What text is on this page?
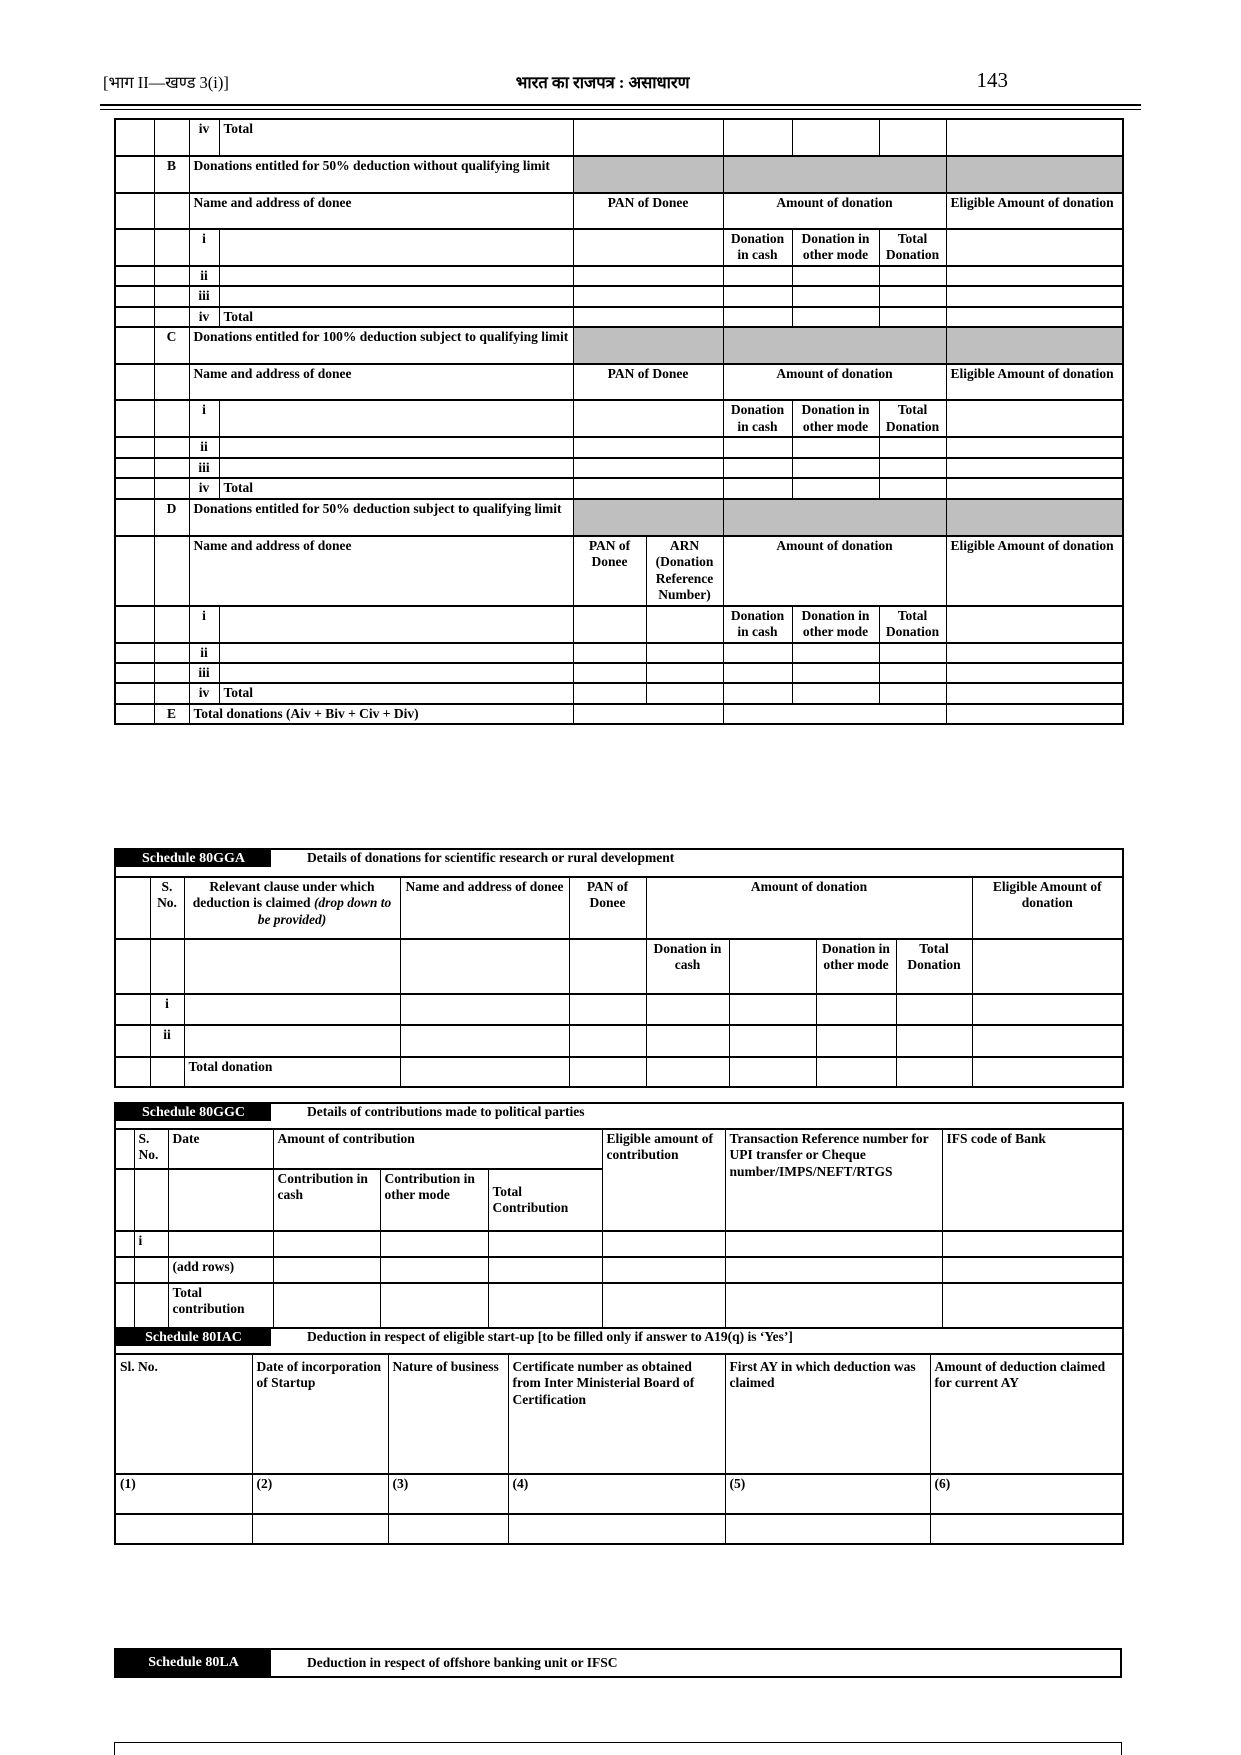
[भाग II—खण्ड 3(i)]	भारत का राजपत्र : असाधारण	143
		iv	Total						
	B	Donations entitled for 50% deduction without qualifying limit							
		Name and address of donee		PAN of Donee		Amount of donation			Eligible Amount of donation
		i				Donation in cash	Donation in other mode	Total Donation	
		ii							
		iii							
		iv	Total						
	C	Donations entitled for 100% deduction subject to qualifying limit							
		Name and address of donee		PAN of Donee		Amount of donation			Eligible Amount of donation
		i				Donation in cash	Donation in other mode	Total Donation	
		ii							
		iii							
		iv	Total						
	D	Donations entitled for 50% deduction subject to qualifying limit							
		Name and address of donee		PAN of Donee	ARN (Donation Reference Number)	Amount of donation			Eligible Amount of donation
		i				Donation in cash	Donation in other mode	Total Donation	
		ii							
		iii							
		iv	Total						
	E	Total donations (Aiv + Biv + Civ + Div)							
Schedule 80GGA Details of donations for scientific research or rural development									

	S. No.	Relevant clause under which deduction is claimed (drop down to be provided)	Name and address of donee	PAN of Donee	Amount of donation				Eligible Amount of donation
					Donation in cash		Donation in other mode	Total Donation	
	i								
	ii								
		Total donation							
Schedule 80GGC Details of contributions made to political parties								

	S. No.	Date	Amount of contribution			Eligible amount of contribution	Transaction Reference number for UPI transfer or Cheque number/IMPS/NEFT/RTGS	IFS code of Bank
			Contribution in cash	Contribution in other mode	Total Contribution			
	i							
		(add rows)						
		Total contribution						
Schedule 80IAC Deduction in respect of eligible start-up [to be filled only if answer to A19(q) is ‘Yes’]					

Sl. No.	Date of incorporation of Startup	Nature of business	Certificate number as obtained from Inter Ministerial Board of Certification	First AY in which deduction was claimed	Amount of deduction claimed for current AY
(1)	(2)	(3)	(4)	(5)	(6)

Schedule 80LA	Deduction in respect of offshore banking unit or IFSC
